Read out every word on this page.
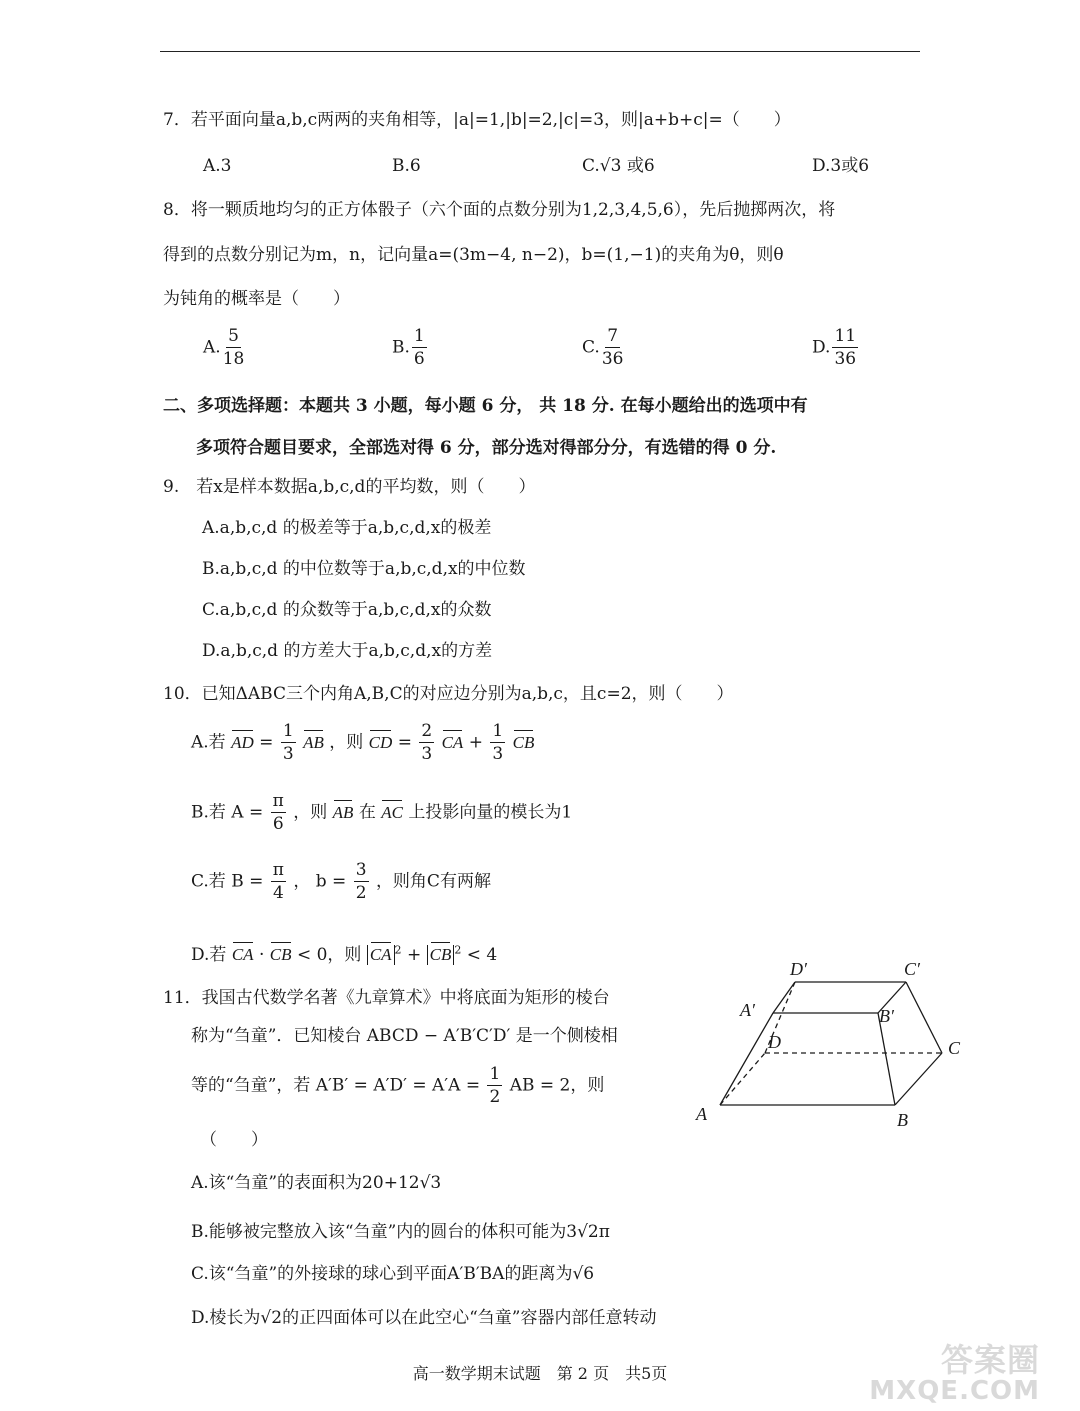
7．若平面向量a,b,c两两的夹角相等，|a|=1,|b|=2,|c|=3，则|a+b+c|=（　　）
A.3	B.6	C.√3 或6	D.3或6
8．将一颗质地均匀的正方体骰子（六个面的点数分别为1,2,3,4,5,6），先后抛掷两次，将
得到的点数分别记为m，n，记向量a=(3m−4, n−2)，b=(1,−1)的夹角为θ，则θ
为钝角的概率是（　　）
A. $\frac{5}{18}$	B. $\frac{1}{6}$	C. $\frac{7}{36}$	D. $\frac{11}{36}$
二、多项选择题：本题共 3 小题，每小题 6 分， 共 18 分. 在每小题给出的选项中有
多项符合题目要求，全部选对得 6 分，部分选对得部分分，有选错的得 0 分.
9.　若x是样本数据a,b,c,d的平均数，则（　　）
A.a,b,c,d 的极差等于a,b,c,d,x的极差
B.a,b,c,d 的中位数等于a,b,c,d,x的中位数
C.a,b,c,d 的众数等于a,b,c,d,x的众数
D.a,b,c,d 的方差大于a,b,c,d,x的方差
10．已知ΔABC三个内角A,B,C的对应边分别为a,b,c，且c=2，则（　　）
A.若 AD = $\frac{1}{3}$ AB ，则 CD = $\frac{2}{3}$ CA + $\frac{1}{3}$ CB
B.若 $A = \frac{\pi}{6}$ ，则 AB 在 AC 上投影向量的模长为1
C.若 $B = \frac{\pi}{4}$ ， $b = \frac{3}{2}$ ，则角C有两解
D.若 CA · CB < 0，则 CA $^2$ + CB $^2$ < 4
11．我国古代数学名著《九章算术》中将底面为矩形的棱台
称为“刍童”．已知棱台 ABCD − A′B′C′D′ 是一个侧棱相
等的“刍童”，若 $A'B' = A'D' = A'A = \frac{1}{2}$ AB = 2，则
（　　）
A.该“刍童”的表面积为20+12√3
B.能够被完整放入该“刍童”内的圆台的体积可能为3√2π
C.该“刍童”的外接球的球心到平面A′B′BA的距离为√6
D.棱长为√2的正四面体可以在此空心“刍童”容器内部任意转动
A	B
C
D
A′	B′
C′
D′
高一数学期末试题　第 2 页　共5页	答案圈
MXQE.COM
